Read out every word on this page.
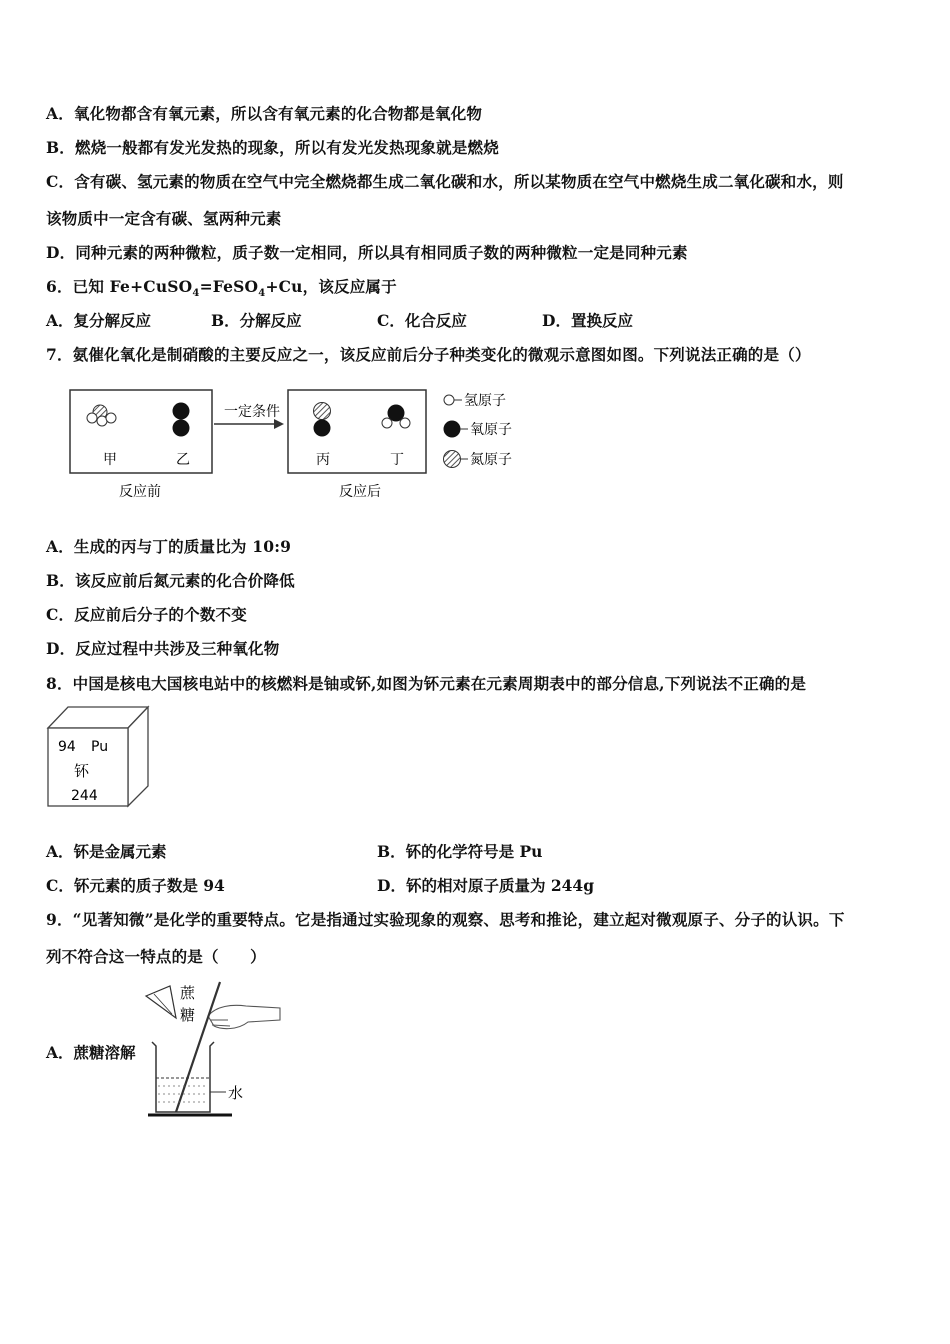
A．氧化物都含有氧元素，所以含有氧元素的化合物都是氧化物
B．燃烧一般都有发光发热的现象，所以有发光发热现象就是燃烧
C．含有碳、氢元素的物质在空气中完全燃烧都生成二氧化碳和水，所以某物质在空气中燃烧生成二氧化碳和水，则
该物质中一定含有碳、氢两种元素
D．同种元素的两种微粒，质子数一定相同，所以具有相同质子数的两种微粒一定是同种元素
6．已知 Fe+CuSO$_4$=FeSO$_4$+Cu，该反应属于
A．复分解反应	B．分解反应	C．化合反应	D．置换反应
7．氨催化氧化是制硝酸的主要反应之一，该反应前后分子种类变化的微观示意图如图。下列说法正确的是（）
甲	乙
反应前
一定条件
丙	丁
反应后
氢原子
氧原子
氮原子
A．生成的丙与丁的质量比为 10:9
B．该反应前后氮元素的化合价降低
C．反应前后分子的个数不变
D．反应过程中共涉及三种氧化物
8．中国是核电大国核电站中的核燃料是铀或钚,如图为钚元素在元素周期表中的部分信息,下列说法不正确的是
94 Pu
钚
244
A．钚是金属元素	B．钚的化学符号是 Pu
C．钚元素的质子数是 94	D．钚的相对原子质量为 244g
9．“见著知微”是化学的重要特点。它是指通过实验现象的观察、思考和推论，建立起对微观原子、分子的认识。下
列不符合这一特点的是（　　）
A．蔗糖溶解
蔗
糖
水
